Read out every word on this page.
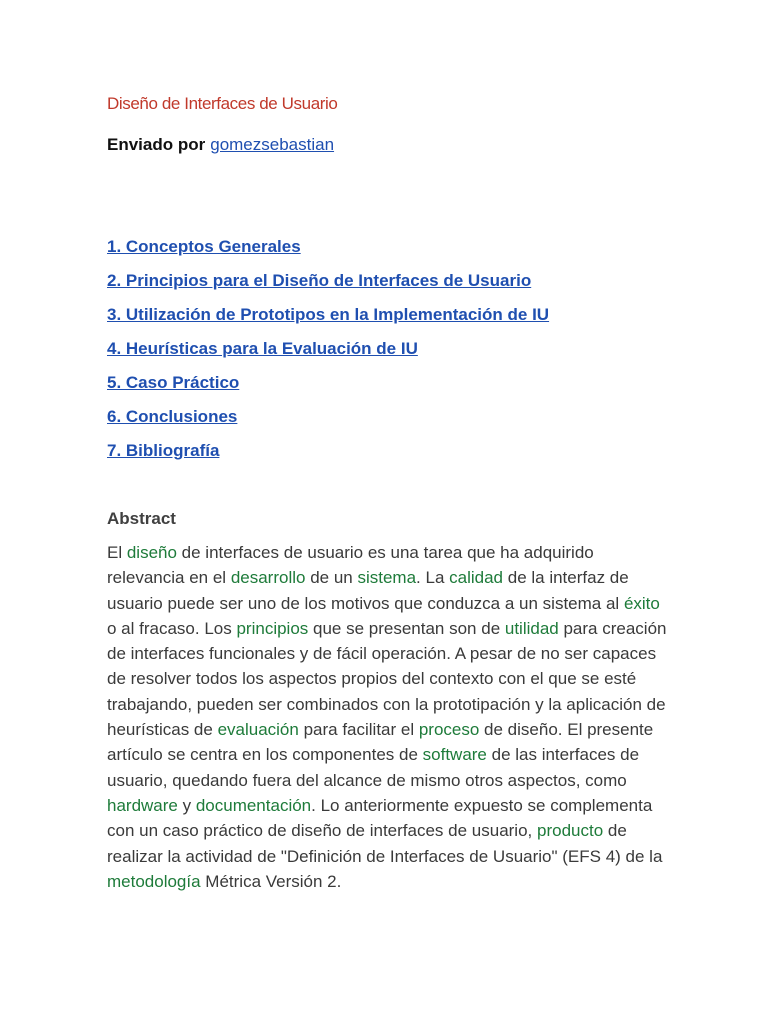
Diseño de Interfaces de Usuario
Enviado por gomezsebastian
1. Conceptos Generales
2. Principios para el Diseño de Interfaces de Usuario
3. Utilización de Prototipos en la Implementación de IU
4. Heurísticas para la Evaluación de IU
5. Caso Práctico
6. Conclusiones
7. Bibliografía
Abstract

El diseño de interfaces de usuario es una tarea que ha adquirido relevancia en el desarrollo de un sistema. La calidad de la interfaz de usuario puede ser uno de los motivos que conduzca a un sistema al éxito o al fracaso. Los principios que se presentan son de utilidad para creación de interfaces funcionales y de fácil operación. A pesar de no ser capaces de resolver todos los aspectos propios del contexto con el que se esté trabajando, pueden ser combinados con la prototipación y la aplicación de heurísticas de evaluación para facilitar el proceso de diseño. El presente artículo se centra en los componentes de software de las interfaces de usuario, quedando fuera del alcance de mismo otros aspectos, como hardware y documentación. Lo anteriormente expuesto se complementa con un caso práctico de diseño de interfaces de usuario, producto de realizar la actividad de "Definición de Interfaces de Usuario" (EFS 4) de la metodología Métrica Versión 2.
